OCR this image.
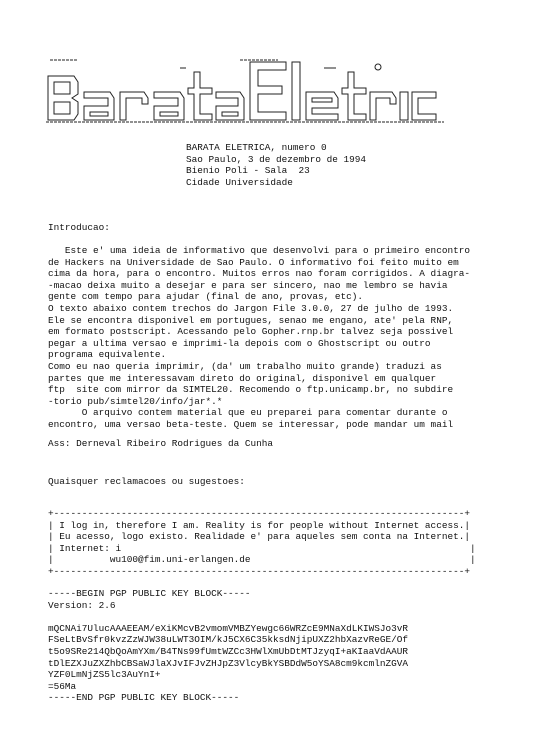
BARATA ELETRICA, numero 0
Sao Paulo, 3 de dezembro de 1994
Bienio Poli - Sala  23
Cidade Universidade
Introducao:
Este e' uma ideia de informativo que desenvolvi para o primeiro encontro
de Hackers na Universidade de Sao Paulo. O informativo foi feito muito em
cima da hora, para o encontro. Muitos erros nao foram corrigidos. A diagra-
-macao deixa muito a desejar e para ser sincero, nao me lembro se havia
gente com tempo para ajudar (final de ano, provas, etc).
O texto abaixo contem trechos do Jargon File 3.0.0, 27 de julho de 1993.
Ele se encontra disponivel em portugues, senao me engano, ate' pela RNP,
em formato postscript. Acessando pelo Gopher.rnp.br talvez seja possivel
pegar a ultima versao e imprimi-la depois com o Ghostscript ou outro
programa equivalente.
Como eu nao queria imprimir, (da' um trabalho muito grande) traduzi as
partes que me interessavam direto do original, disponivel em qualquer
ftp  site com mirror da SIMTEL20. Recomendo o ftp.unicamp.br, no subdire
-torio pub/simtel20/info/jar*.*
O arquivo contem material que eu preparei para comentar durante o
encontro, uma versao beta-teste. Quem se interessar, pode mandar um mail
Ass: Derneval Ribeiro Rodrigues da Cunha
Quaisquer reclamacoes ou sugestoes:
+-------------------------------------------------------------------------+
| I log in, therefore I am. Reality is for people without Internet access.|
| Eu acesso, logo existo. Realidade e' para aqueles sem conta na Internet.|
| Internet: i                                                              |
|          wu100@fim.uni-erlangen.de                                       |
+-------------------------------------------------------------------------+
-----BEGIN PGP PUBLIC KEY BLOCK-----
Version: 2.6
mQCNAi7UlucAAAEEAM/eXiKMcvB2vmomVMBZYewgc66WRZcE9MNaXdLKIWSJo3vR
FSeLtBvSfr0kvzZzWJW38uLWT3OIM/kJ5CX6C35kksdNjipUXZ2hbXazvReGE/Of
t5o9SRe214QbQoAmYXm/B4TNs99fUmtWZCc3HWlXmUbDtMTJzyqI+aKIaaVdAAUR
tDlEZXJuZXZhbCBSaWJlaXJvIFJvZHJpZ3VlcyBkYSBDdW5oYSA8cm9kcmlnZGVA
YZF0LmNjZS5lc3AuYnI+
=56Ma
-----END PGP PUBLIC KEY BLOCK-----
